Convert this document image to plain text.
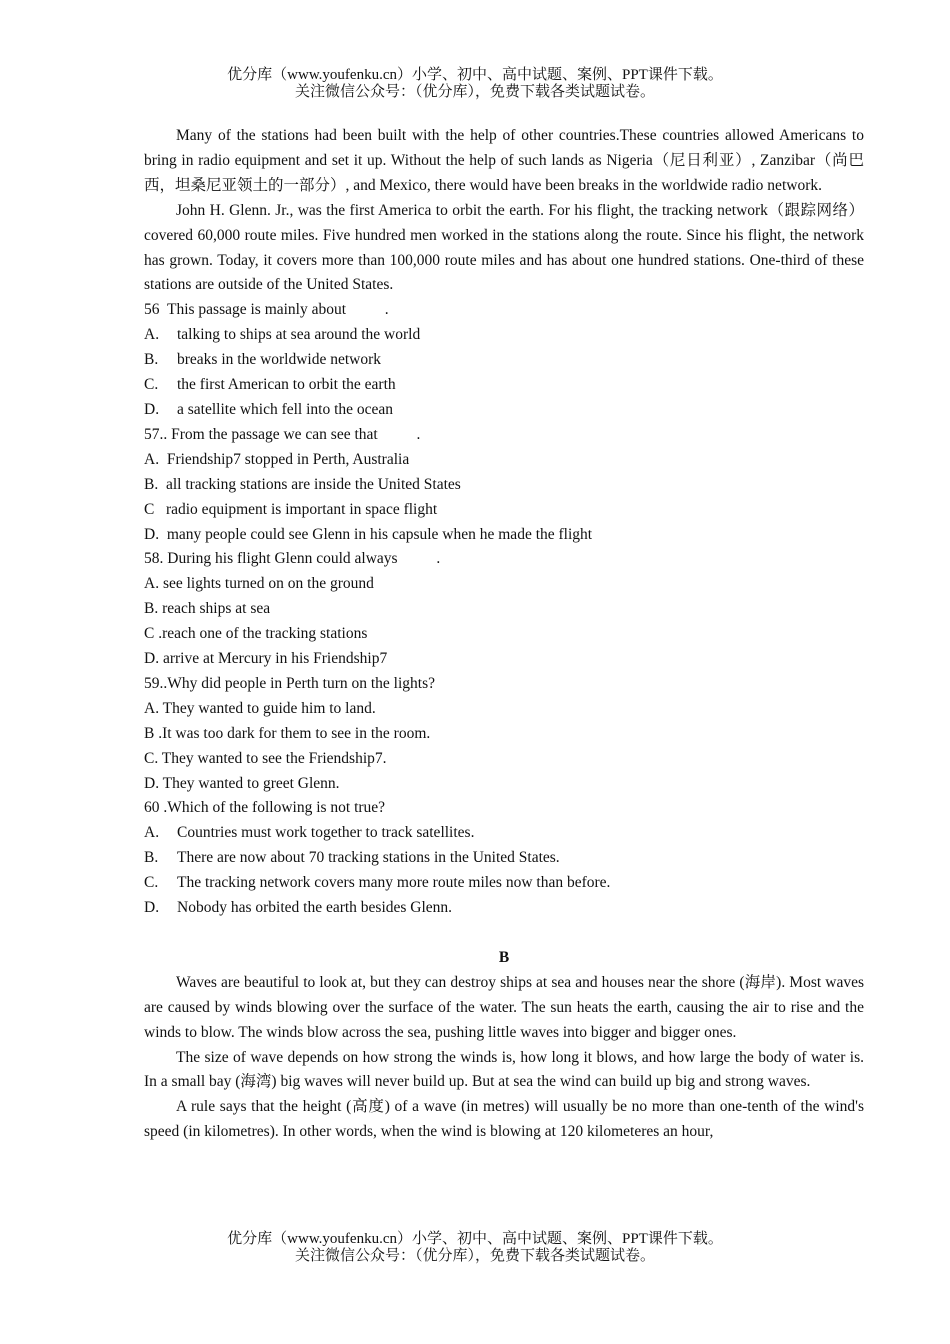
优分库（www.youfenku.cn）小学、初中、高中试题、案例、PPT课件下载。
关注微信公众号：（优分库），免费下载各类试题试卷。

Many of the stations had been built with the help of other countries.These countries allowed Americans to bring in radio equipment and set it up. Without the help of such lands as Nigeria（尼日利亚）, Zanzibar（尚巴西，坦桑尼亚领土的一部分）, and Mexico, there would have been breaks in the worldwide radio network.

John H. Glenn. Jr., was the first America to orbit the earth. For his flight, the tracking network（跟踪网络） covered 60,000 route miles. Five hundred men worked in the stations along the route. Since his flight, the network has grown. Today, it covers more than 100,000 route miles and has about one hundred stations. One-third of these stations are outside of the United States.

56  This passage is mainly about          .

A. talking to ships at sea around the world

B. breaks in the worldwide network

C. the first American to orbit the earth

D. a satellite which fell into the ocean

57.. From the passage we can see that          .

A.  Friendship7 stopped in Perth, Australia

B.  all tracking stations are inside the United States

C   radio equipment is important in space flight

D.  many people could see Glenn in his capsule when he made the flight

58. During his flight Glenn could always          .

A. see lights turned on on the ground

B. reach ships at sea

C .reach one of the tracking stations

D. arrive at Mercury in his Friendship7

59..Why did people in Perth turn on the lights?

A. They wanted to guide him to land.

B .It was too dark for them to see in the room.

C. They wanted to see the Friendship7.

D. They wanted to greet Glenn.

60 .Which of the following is not true?

A. Countries must work together to track satellites.

B. There are now about 70 tracking stations in the United States.

C. The tracking network covers many more route miles now than before.

D. Nobody has orbited the earth besides Glenn.

B

Waves are beautiful to look at, but they can destroy ships at sea and houses near the shore (海岸). Most waves are caused by winds blowing over the surface of the water. The sun heats the earth, causing the air to rise and the winds to blow. The winds blow across the sea, pushing little waves into bigger and bigger ones.

The size of wave depends on how strong the winds is, how long it blows, and how large the body of water is. In a small bay (海湾) big waves will never build up. But at sea the wind can build up big and strong waves.

A rule says that the height (高度) of a wave (in metres) will usually be no more than one-tenth of the wind's speed (in kilometres). In other words, when the wind is blowing at 120 kilometeres an hour,

优分库（www.youfenku.cn）小学、初中、高中试题、案例、PPT课件下载。
关注微信公众号：（优分库），免费下载各类试题试卷。
